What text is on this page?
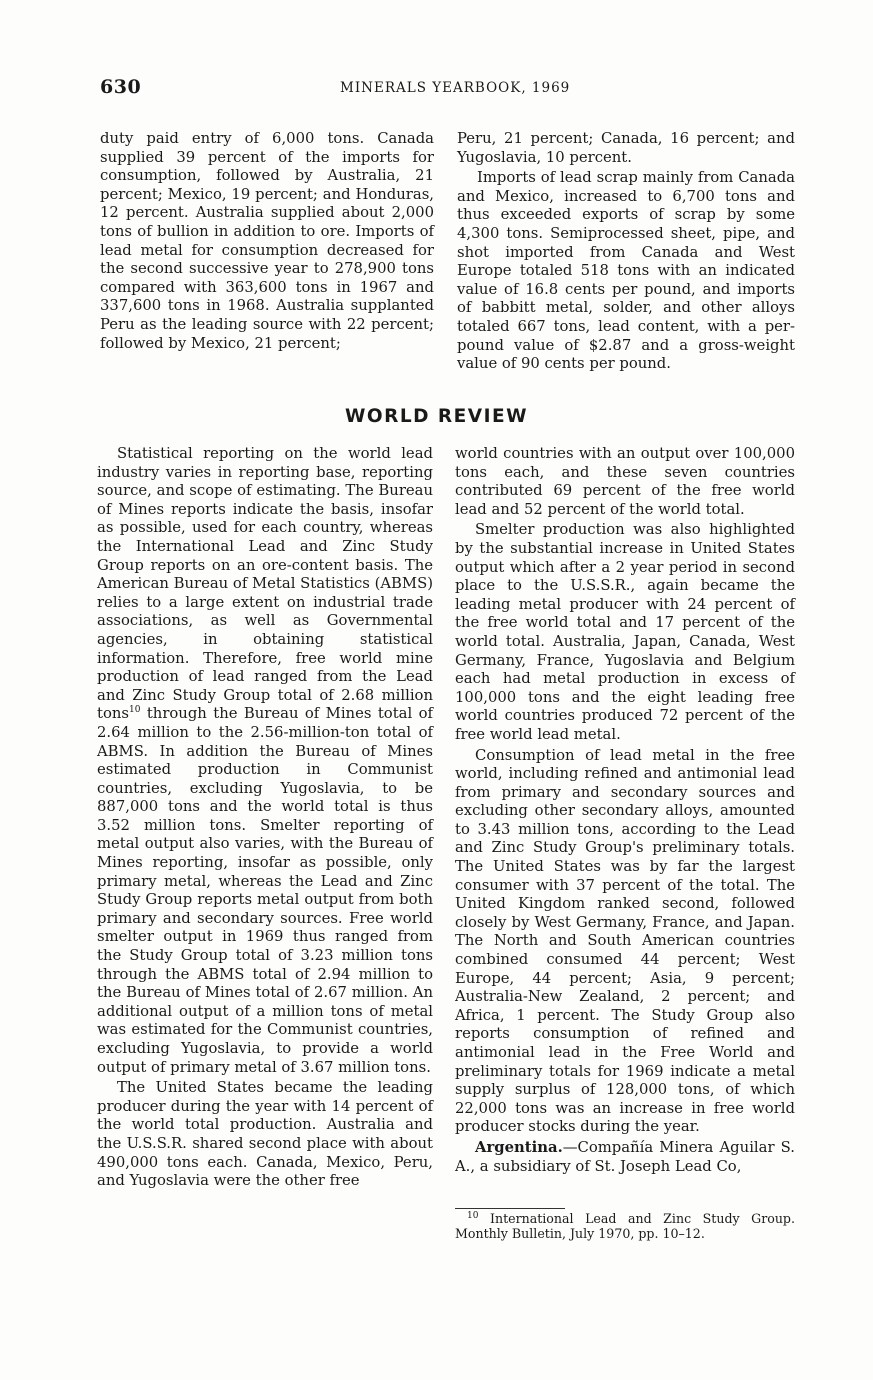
630	MINERALS YEARBOOK, 1969

duty paid entry of 6,000 tons. Canada supplied 39 percent of the imports for consumption, followed by Australia, 21 percent; Mexico, 19 percent; and Honduras, 12 percent. Australia supplied about 2,000 tons of bullion in addition to ore. Imports of lead metal for consumption decreased for the second successive year to 278,900 tons compared with 363,600 tons in 1967 and 337,600 tons in 1968. Australia supplanted Peru as the leading source with 22 percent; followed by Mexico, 21 percent;

Peru, 21 percent; Canada, 16 percent; and Yugoslavia, 10 percent.

Imports of lead scrap mainly from Canada and Mexico, increased to 6,700 tons and thus exceeded exports of scrap by some 4,300 tons. Semiprocessed sheet, pipe, and shot imported from Canada and West Europe totaled 518 tons with an indicated value of 16.8 cents per pound, and imports of babbitt metal, solder, and other alloys totaled 667 tons, lead content, with a per-pound value of $2.87 and a gross-weight value of 90 cents per pound.

WORLD REVIEW

Statistical reporting on the world lead industry varies in reporting base, reporting source, and scope of estimating. The Bureau of Mines reports indicate the basis, insofar as possible, used for each country, whereas the International Lead and Zinc Study Group reports on an ore-content basis. The American Bureau of Metal Statistics (ABMS) relies to a large extent on industrial trade associations, as well as Governmental agencies, in obtaining statistical information. Therefore, free world mine production of lead ranged from the Lead and Zinc Study Group total of 2.68 million tons$^{10}$ through the Bureau of Mines total of 2.64 million to the 2.56-million-ton total of ABMS. In addition the Bureau of Mines estimated production in Communist countries, excluding Yugoslavia, to be 887,000 tons and the world total is thus 3.52 million tons. Smelter reporting of metal output also varies, with the Bureau of Mines reporting, insofar as possible, only primary metal, whereas the Lead and Zinc Study Group reports metal output from both primary and secondary sources. Free world smelter output in 1969 thus ranged from the Study Group total of 3.23 million tons through the ABMS total of 2.94 million to the Bureau of Mines total of 2.67 million. An additional output of a million tons of metal was estimated for the Communist countries, excluding Yugoslavia, to provide a world output of primary metal of 3.67 million tons.

The United States became the leading producer during the year with 14 percent of the world total production. Australia and the U.S.S.R. shared second place with about 490,000 tons each. Canada, Mexico, Peru, and Yugoslavia were the other free

world countries with an output over 100,000 tons each, and these seven countries contributed 69 percent of the free world lead and 52 percent of the world total.

Smelter production was also highlighted by the substantial increase in United States output which after a 2 year period in second place to the U.S.S.R., again became the leading metal producer with 24 percent of the free world total and 17 percent of the world total. Australia, Japan, Canada, West Germany, France, Yugoslavia and Belgium each had metal production in excess of 100,000 tons and the eight leading free world countries produced 72 percent of the free world lead metal.

Consumption of lead metal in the free world, including refined and antimonial lead from primary and secondary sources and excluding other secondary alloys, amounted to 3.43 million tons, according to the Lead and Zinc Study Group's preliminary totals. The United States was by far the largest consumer with 37 percent of the total. The United Kingdom ranked second, followed closely by West Germany, France, and Japan. The North and South American countries combined consumed 44 percent; West Europe, 44 percent; Asia, 9 percent; Australia-New Zealand, 2 percent; and Africa, 1 percent. The Study Group also reports consumption of refined and antimonial lead in the Free World and preliminary totals for 1969 indicate a metal supply surplus of 128,000 tons, of which 22,000 tons was an increase in free world producer stocks during the year.

Argentina.—Compañía Minera Aguilar S. A., a subsidiary of St. Joseph Lead Co,

$^{10}$ International Lead and Zinc Study Group. Monthly Bulletin, July 1970, pp. 10–12.
